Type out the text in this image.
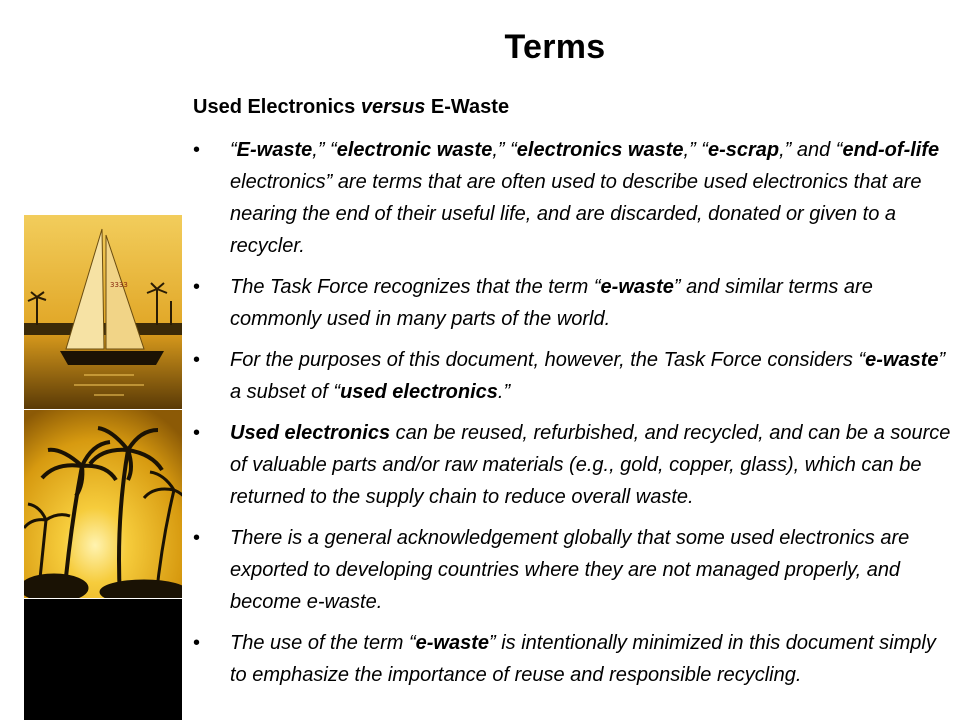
Terms
Used Electronics versus E-Waste
• “E-waste,” “electronic waste,” “electronics waste,” “e-scrap,” and “end-of-life electronics” are terms that are often used to describe used electronics that are nearing the end of their useful life, and are discarded, donated or given to a recycler.
• The Task Force recognizes that the term “e-waste” and similar terms are commonly used in many parts of the world.
• For the purposes of this document, however, the Task Force considers “e-waste” a subset of “used electronics.”
• Used electronics can be reused, refurbished, and recycled, and can be a source of valuable parts and/or raw materials (e.g., gold, copper, glass), which can be returned to the supply chain to reduce overall waste.
• There is a general acknowledgement globally that some used electronics are exported to developing countries where they are not managed properly, and become e-waste.
• The use of the term “e-waste” is intentionally minimized in this document simply to emphasize the importance of reuse and responsible recycling.
3333
